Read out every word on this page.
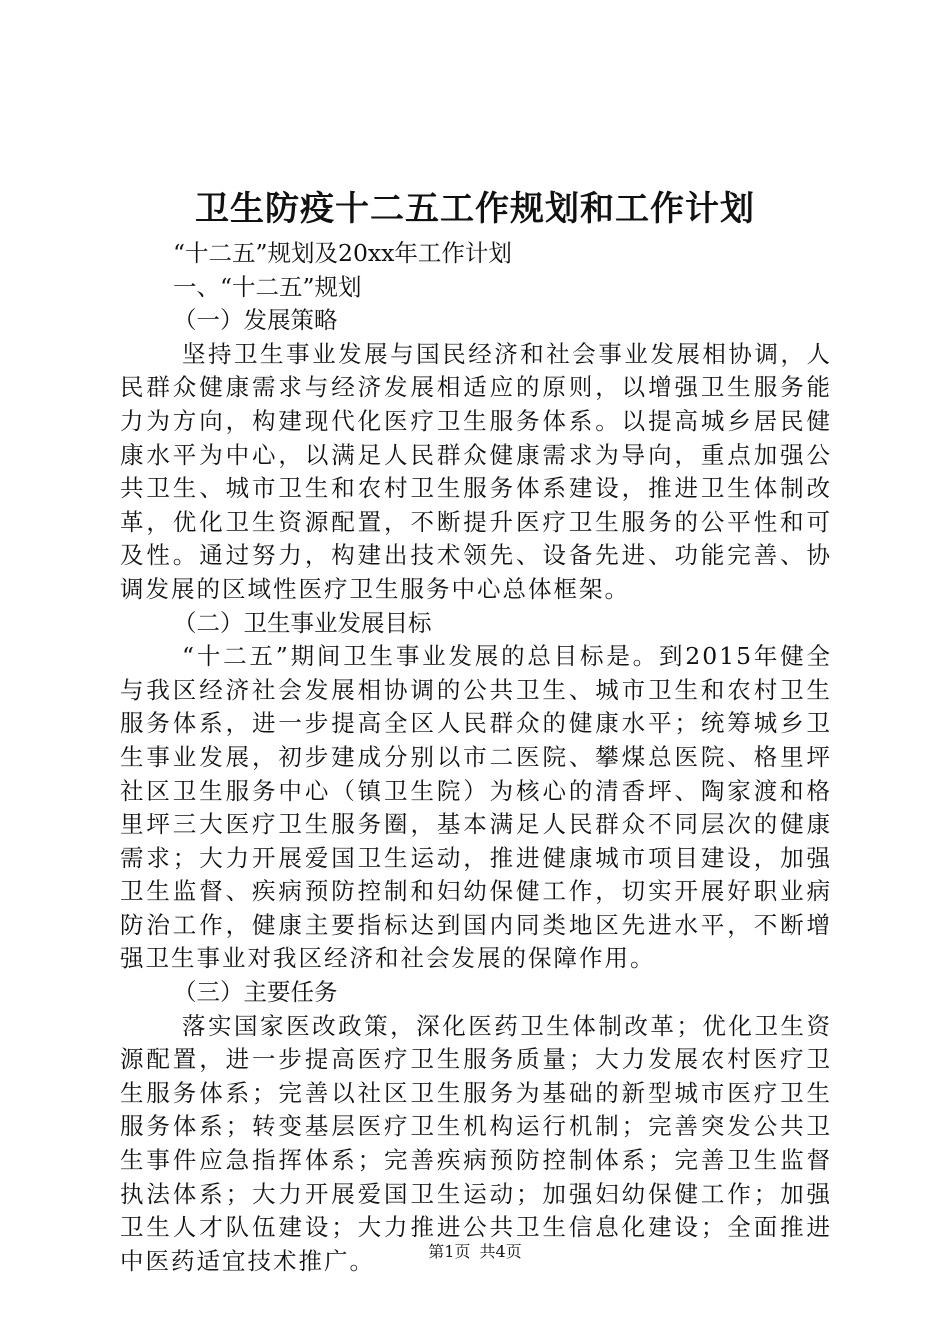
卫生防疫十二五工作规划和工作计划
“十二五”规划及20xx年工作计划
一、“十二五”规划
（一）发展策略

坚持卫生事业发展与国民经济和社会事业发展相协调，人民群众健康需求与经济发展相适应的原则，以增强卫生服务能力为方向，构建现代化医疗卫生服务体系。以提高城乡居民健康水平为中心，以满足人民群众健康需求为导向，重点加强公共卫生、城市卫生和农村卫生服务体系建设，推进卫生体制改革，优化卫生资源配置，不断提升医疗卫生服务的公平性和可及性。通过努力，构建出技术领先、设备先进、功能完善、协调发展的区域性医疗卫生服务中心总体框架。

（二）卫生事业发展目标

“十二五”期间卫生事业发展的总目标是。到2015年健全与我区经济社会发展相协调的公共卫生、城市卫生和农村卫生服务体系，进一步提高全区人民群众的健康水平；统筹城乡卫生事业发展，初步建成分别以市二医院、攀煤总医院、格里坪社区卫生服务中心（镇卫生院）为核心的清香坪、陶家渡和格里坪三大医疗卫生服务圈，基本满足人民群众不同层次的健康需求；大力开展爱国卫生运动，推进健康城市项目建设，加强卫生监督、疾病预防控制和妇幼保健工作，切实开展好职业病防治工作，健康主要指标达到国内同类地区先进水平，不断增强卫生事业对我区经济和社会发展的保障作用。

（三）主要任务

落实国家医改政策，深化医药卫生体制改革；优化卫生资源配置，进一步提高医疗卫生服务质量；大力发展农村医疗卫生服务体系；完善以社区卫生服务为基础的新型城市医疗卫生服务体系；转变基层医疗卫生机构运行机制；完善突发公共卫生事件应急指挥体系；完善疾病预防控制体系；完善卫生监督执法体系；大力开展爱国卫生运动；加强妇幼保健工作；加强卫生人才队伍建设；大力推进公共卫生信息化建设；全面推进中医药适宜技术推广。	第1页 共4页
